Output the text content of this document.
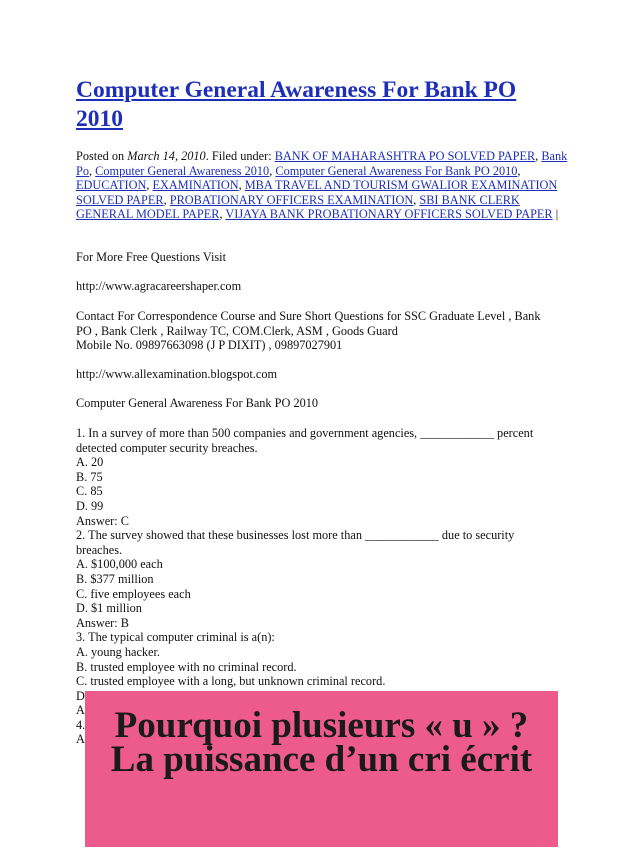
Computer General Awareness For Bank PO 2010
Posted on March 14, 2010. Filed under: BANK OF MAHARASHTRA PO SOLVED PAPER, Bank Po, Computer General Awareness 2010, Computer General Awareness For Bank PO 2010, EDUCATION, EXAMINATION, MBA TRAVEL AND TOURISM GWALIOR EXAMINATION SOLVED PAPER, PROBATIONARY OFFICERS EXAMINATION, SBI BANK CLERK GENERAL MODEL PAPER, VIJAYA BANK PROBATIONARY OFFICERS SOLVED PAPER |

For More Free Questions Visit

http://www.agracareershaper.com

Contact For Correspondence Course and Sure Short Questions for SSC Graduate Level , Bank
PO , Bank Clerk , Railway TC, COM.Clerk, ASM , Goods Guard
Mobile No. 09897663098 (J P DIXIT) , 09897027901

http://www.allexamination.blogspot.com

Computer General Awareness For Bank PO 2010

1. In a survey of more than 500 companies and government agencies, ____________ percent
detected computer security breaches.
A. 20
B. 75
C. 85
D. 99
Answer: C
2. The survey showed that these businesses lost more than ____________ due to security
breaches.
A. $100,000 each
B. $377 million
C. five employees each
D. $1 million
Answer: B
3. The typical computer criminal is a(n):
A. young hacker.
B. trusted employee with no criminal record.
C. trusted employee with a long, but unknown criminal record.
D
A
4.
A Pourquoi plusieurs « u » ? La puissance d’un cri écrit
